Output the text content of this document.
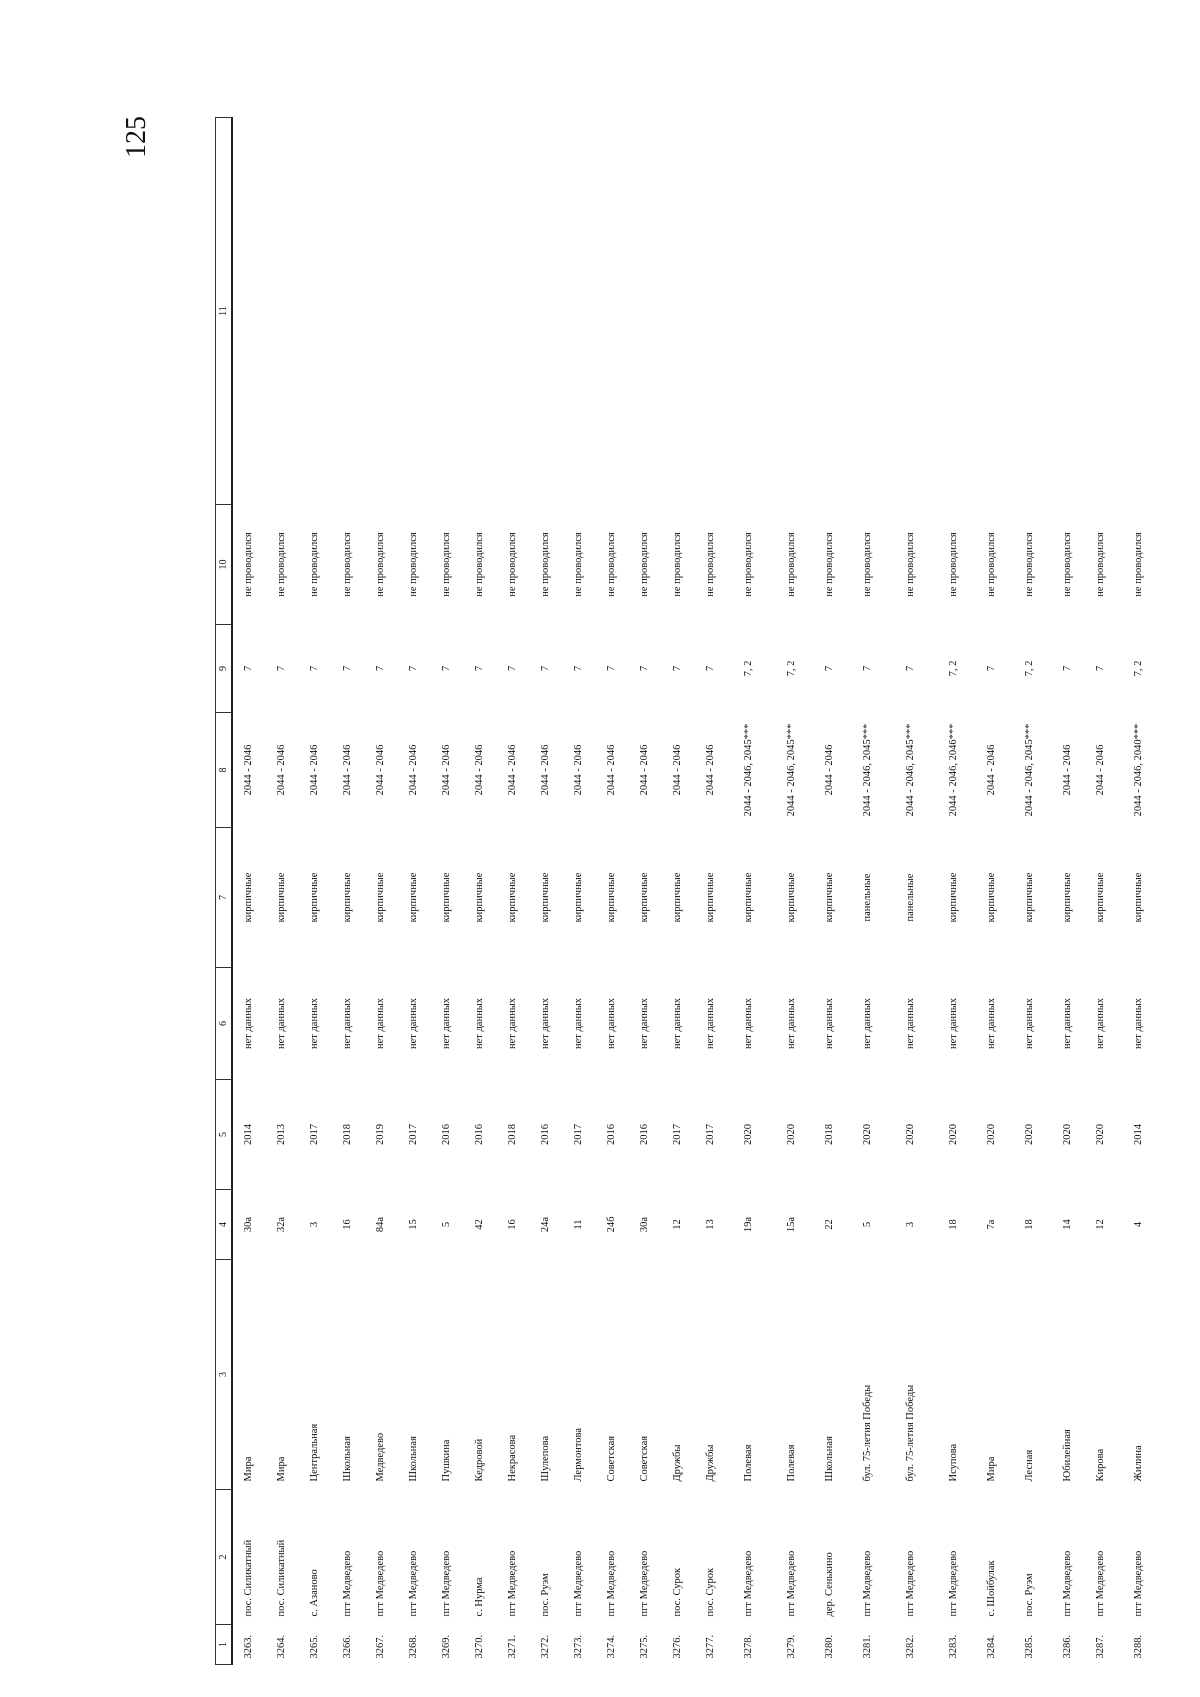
125
1	2	3	4	5	6	7	8	9	10	11
3263.	пос. Силикатный	Мира	30а	2014	нет данных	кирпичные	2044 - 2046	7	не проводился	
3264.	пос. Силикатный	Мира	32а	2013	нет данных	кирпичные	2044 - 2046	7	не проводился	
3265.	с. Азаново	Центральная	3	2017	нет данных	кирпичные	2044 - 2046	7	не проводился	
3266.	пгт Медведево	Школьная	16	2018	нет данных	кирпичные	2044 - 2046	7	не проводился	
3267.	пгт Медведево	Медведево	84а	2019	нет данных	кирпичные	2044 - 2046	7	не проводился	
3268.	пгт Медведево	Школьная	15	2017	нет данных	кирпичные	2044 - 2046	7	не проводился	
3269.	пгт Медведево	Пушкина	5	2016	нет данных	кирпичные	2044 - 2046	7	не проводился	
3270.	с. Нурма	Кедровой	42	2016	нет данных	кирпичные	2044 - 2046	7	не проводился	
3271.	пгт Медведево	Некрасова	16	2018	нет данных	кирпичные	2044 - 2046	7	не проводился	
3272.	пос. Руэм	Шулепова	24а	2016	нет данных	кирпичные	2044 - 2046	7	не проводился	
3273.	пгт Медведево	Лермонтова	11	2017	нет данных	кирпичные	2044 - 2046	7	не проводился	
3274.	пгт Медведево	Советская	24б	2016	нет данных	кирпичные	2044 - 2046	7	не проводился	
3275.	пгт Медведево	Советская	30а	2016	нет данных	кирпичные	2044 - 2046	7	не проводился	
3276.	пос. Сурок	Дружбы	12	2017	нет данных	кирпичные	2044 - 2046	7	не проводился	
3277.	пос. Сурок	Дружбы	13	2017	нет данных	кирпичные	2044 - 2046	7	не проводился	
3278.	пгт Медведево	Полевая	19а	2020	нет данных	кирпичные	2044 - 2046, 2045***	7, 2	не проводился	
3279.	пгт Медведево	Полевая	15а	2020	нет данных	кирпичные	2044 - 2046, 2045***	7, 2	не проводился	
3280.	дер. Сенькино	Школьная	22	2018	нет данных	кирпичные	2044 - 2046	7	не проводился	
3281.	пгт Медведево	бул. 75-летия Победы	5	2020	нет данных	панельные	2044 - 2046, 2045***	7	не проводился	
3282.	пгт Медведево	бул. 75-летия Победы	3	2020	нет данных	панельные	2044 - 2046, 2045***	7	не проводился	
3283.	пгт Медведево	Исупова	18	2020	нет данных	кирпичные	2044 - 2046, 2046***	7, 2	не проводился	
3284.	с. Шойбулак	Мира	7а	2020	нет данных	кирпичные	2044 - 2046	7	не проводился	
3285.	пос. Руэм	Лесная	18	2020	нет данных	кирпичные	2044 - 2046, 2045***	7, 2	не проводился	
3286.	пгт Медведево	Юбилейная	14	2020	нет данных	кирпичные	2044 - 2046	7	не проводился	
3287.	пгт Медведево	Кирова	12	2020	нет данных	кирпичные	2044 - 2046	7	не проводился	
3288.	пгт Медведево	Жилина	4	2014	нет данных	кирпичные	2044 - 2046, 2040***	7, 2	не проводился	
